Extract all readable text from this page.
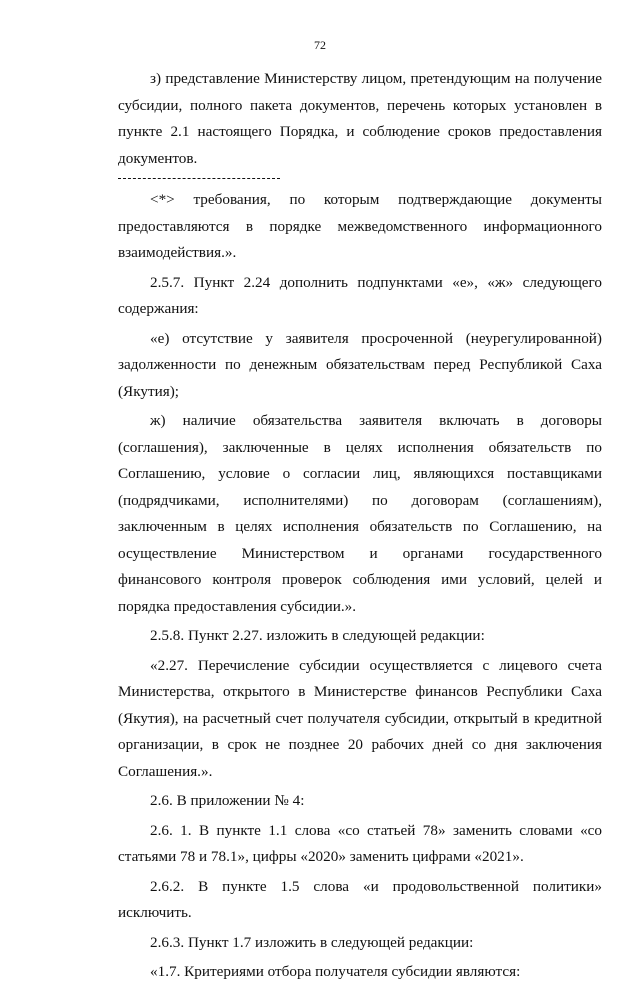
72

з) представление Министерству лицом, претендующим на получение субсидии, полного пакета документов, перечень которых установлен в пункте 2.1 настоящего Порядка, и соблюдение сроков предоставления документов.

<*> требования, по которым подтверждающие документы предоставляются в порядке межведомственного информационного взаимодействия.».

2.5.7. Пункт 2.24 дополнить подпунктами «е», «ж» следующего содержания:

«е) отсутствие у заявителя просроченной (неурегулированной) задолженности по денежным обязательствам перед Республикой Саха (Якутия);

ж) наличие обязательства заявителя включать в договоры (соглашения), заключенные в целях исполнения обязательств по Соглашению, условие о согласии лиц, являющихся поставщиками (подрядчиками, исполнителями) по договорам (соглашениям), заключенным в целях исполнения обязательств по Соглашению, на осуществление Министерством и органами государственного финансового контроля проверок соблюдения ими условий, целей и порядка предоставления субсидии.».

2.5.8. Пункт 2.27. изложить в следующей редакции:

«2.27. Перечисление субсидии осуществляется с лицевого счета Министерства, открытого в Министерстве финансов Республики Саха (Якутия), на расчетный счет получателя субсидии, открытый в кредитной организации, в срок не позднее 20 рабочих дней со дня заключения Соглашения.».

2.6. В приложении № 4:

2.6. 1. В пункте 1.1 слова «со статьей 78» заменить словами «со статьями 78 и 78.1», цифры «2020» заменить цифрами «2021».

2.6.2. В пункте 1.5 слова «и продовольственной политики» исключить.

2.6.3. Пункт 1.7 изложить в следующей редакции:

«1.7. Критериями отбора получателя субсидии являются:
